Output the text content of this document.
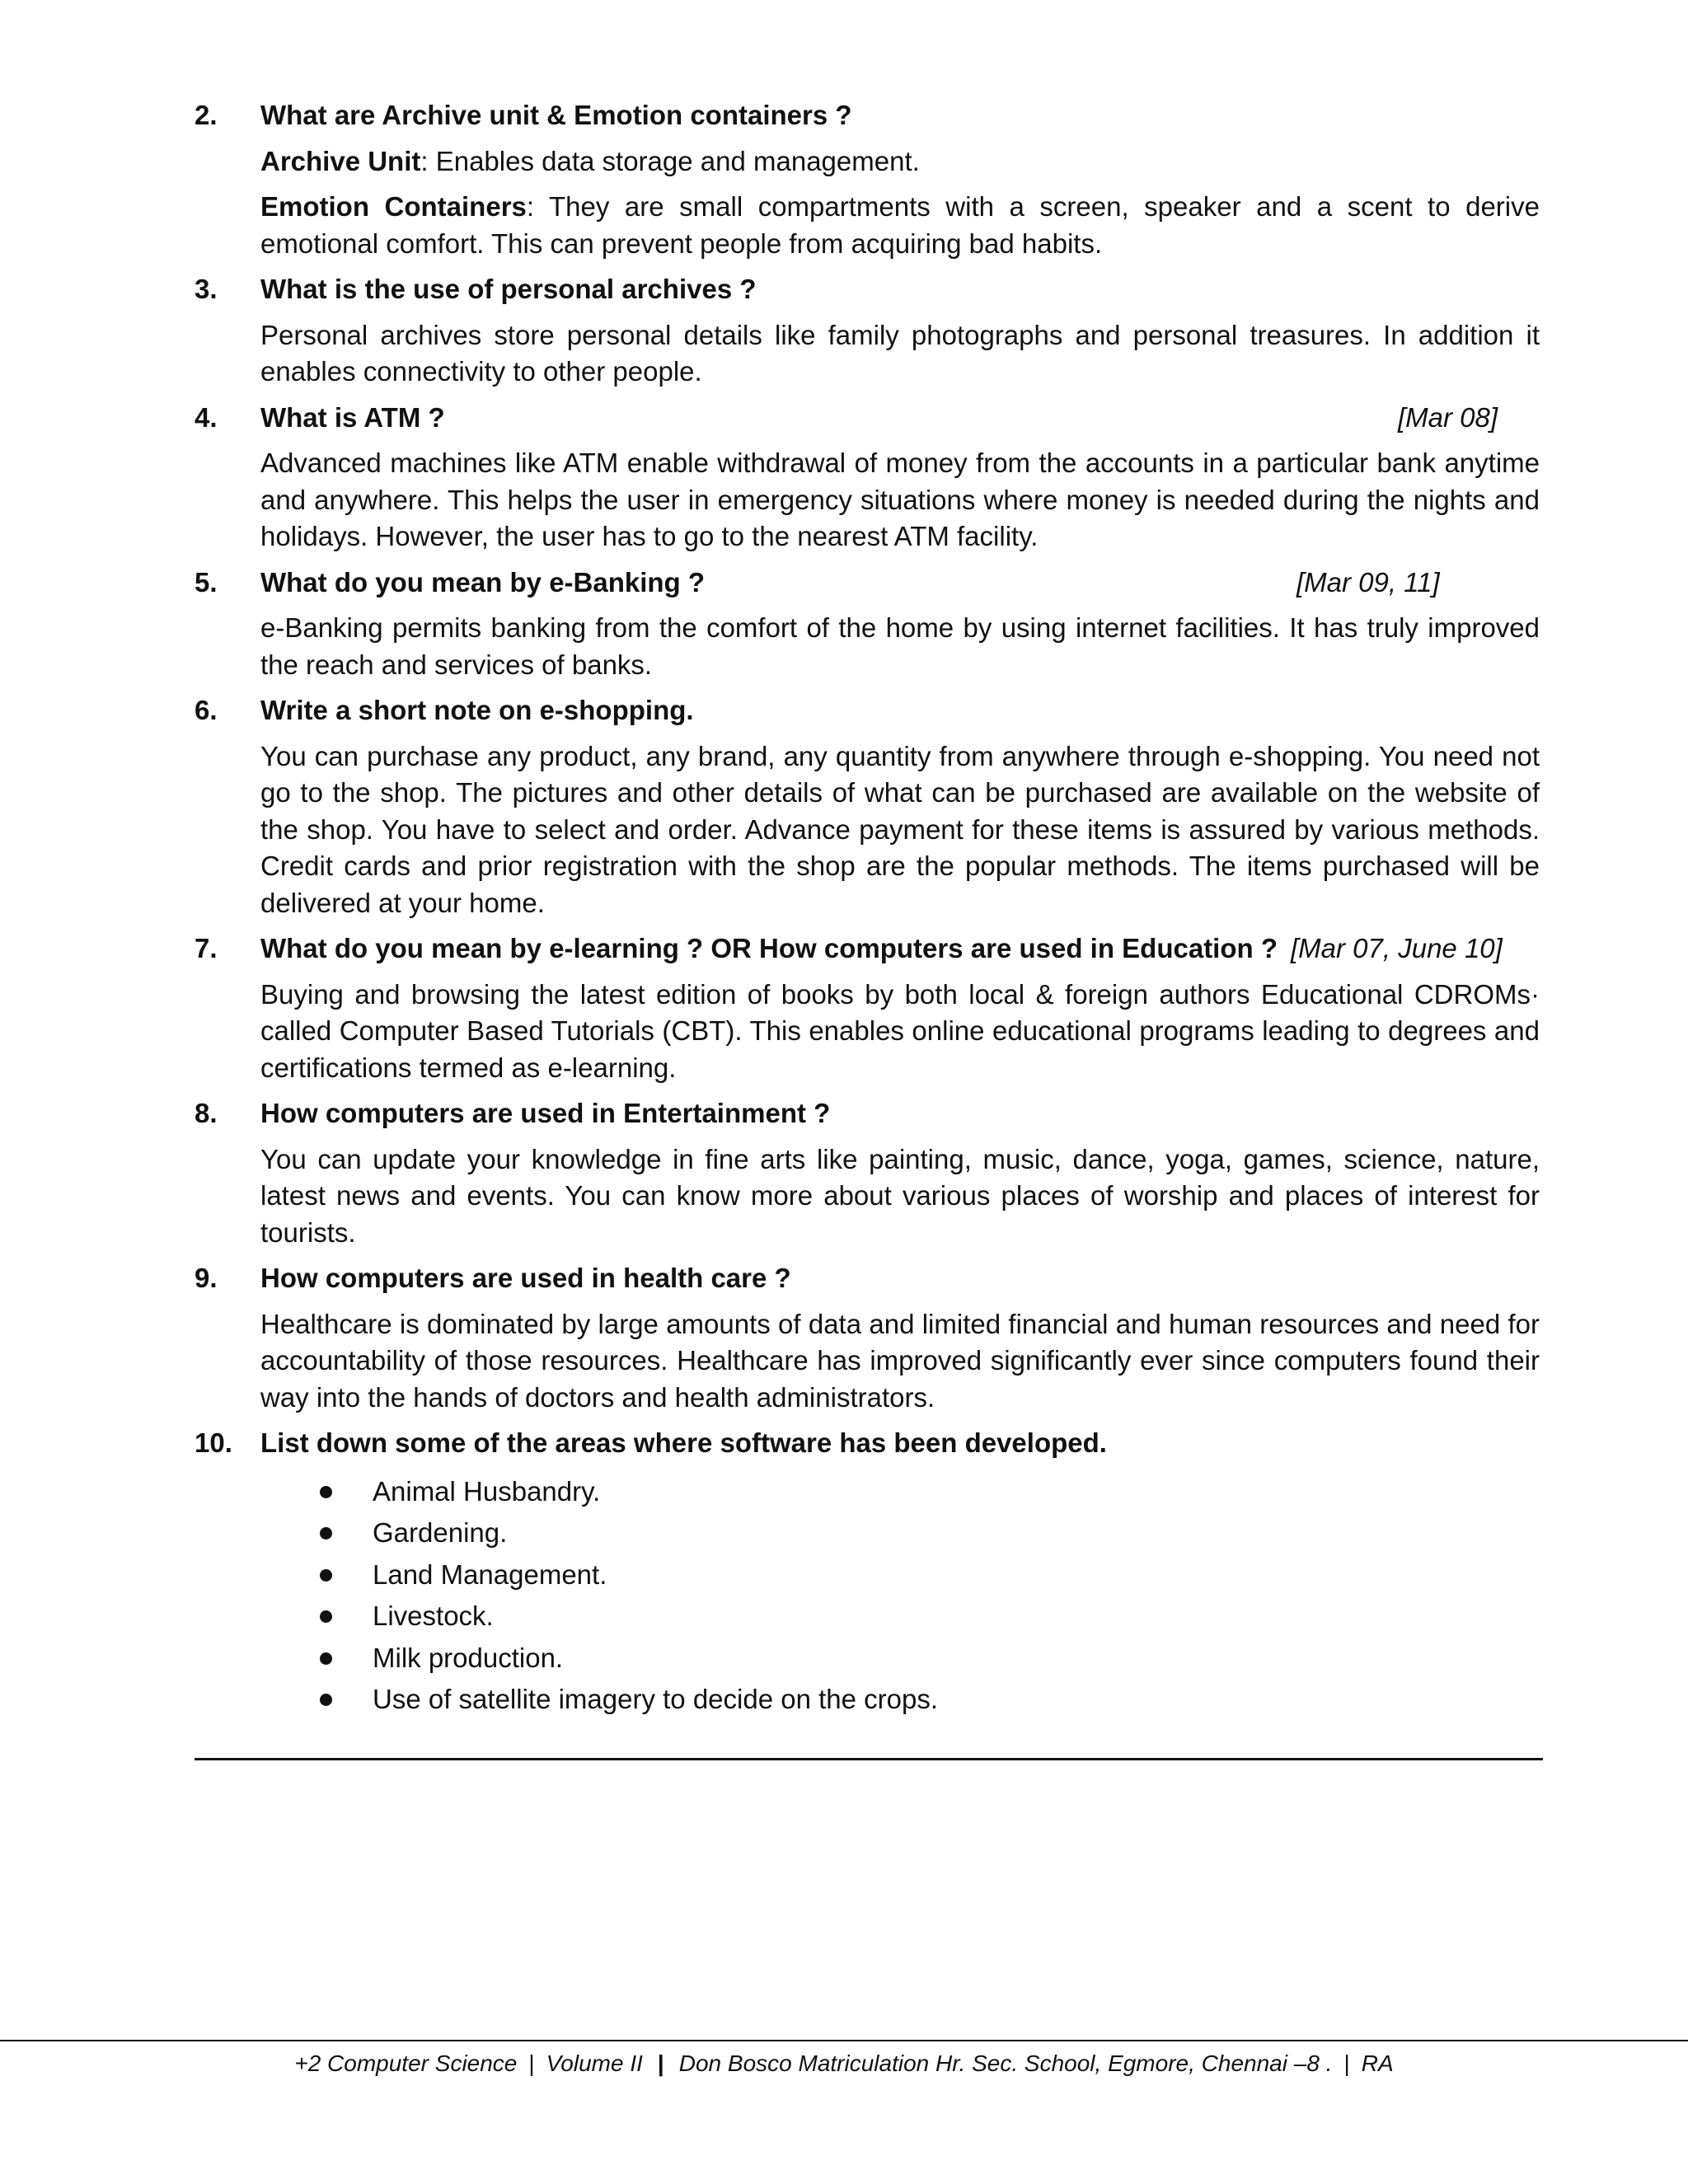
2. What are Archive unit & Emotion containers ?
Archive Unit: Enables data storage and management.
Emotion Containers: They are small compartments with a screen, speaker and a scent to derive emotional comfort. This can prevent people from acquiring bad habits.
3. What is the use of personal archives ?
Personal archives store personal details like family photographs and personal treasures. In addition it enables connectivity to other people.
4. What is ATM ?	[Mar 08]
Advanced machines like ATM enable withdrawal of money from the accounts in a particular bank anytime and anywhere. This helps the user in emergency situations where money is needed during the nights and holidays. However, the user has to go to the nearest ATM facility.
5. What do you mean by e-Banking ?	[Mar 09, 11]
e-Banking permits banking from the comfort of the home by using internet facilities. It has truly improved the reach and services of banks.
6. Write a short note on e-shopping.
You can purchase any product, any brand, any quantity from anywhere through e-shopping. You need not go to the shop. The pictures and other details of what can be purchased are available on the website of the shop. You have to select and order. Advance payment for these items is assured by various methods. Credit cards and prior registration with the shop are the popular methods. The items purchased will be delivered at your home.
7. What do you mean by e-learning ? OR How computers are used in Education ? [Mar 07, June 10]
Buying and browsing the latest edition of books by both local & foreign authors Educational CDROMs· called Computer Based Tutorials (CBT). This enables online educational programs leading to degrees and certifications termed as e-learning.
8. How computers are used in Entertainment ?
You can update your knowledge in fine arts like painting, music, dance, yoga, games, science, nature, latest news and events. You can know more about various places of worship and places of interest for tourists.
9. How computers are used in health care ?
Healthcare is dominated by large amounts of data and limited financial and human resources and need for accountability of those resources. Healthcare has improved significantly ever since computers found their way into the hands of doctors and health administrators.
10. List down some of the areas where software has been developed.
Animal Husbandry.
Gardening.
Land Management.
Livestock.
Milk production.
Use of satellite imagery to decide on the crops.
+2 Computer Science | Volume II | Don Bosco Matriculation Hr. Sec. School, Egmore, Chennai –8 . | RA
